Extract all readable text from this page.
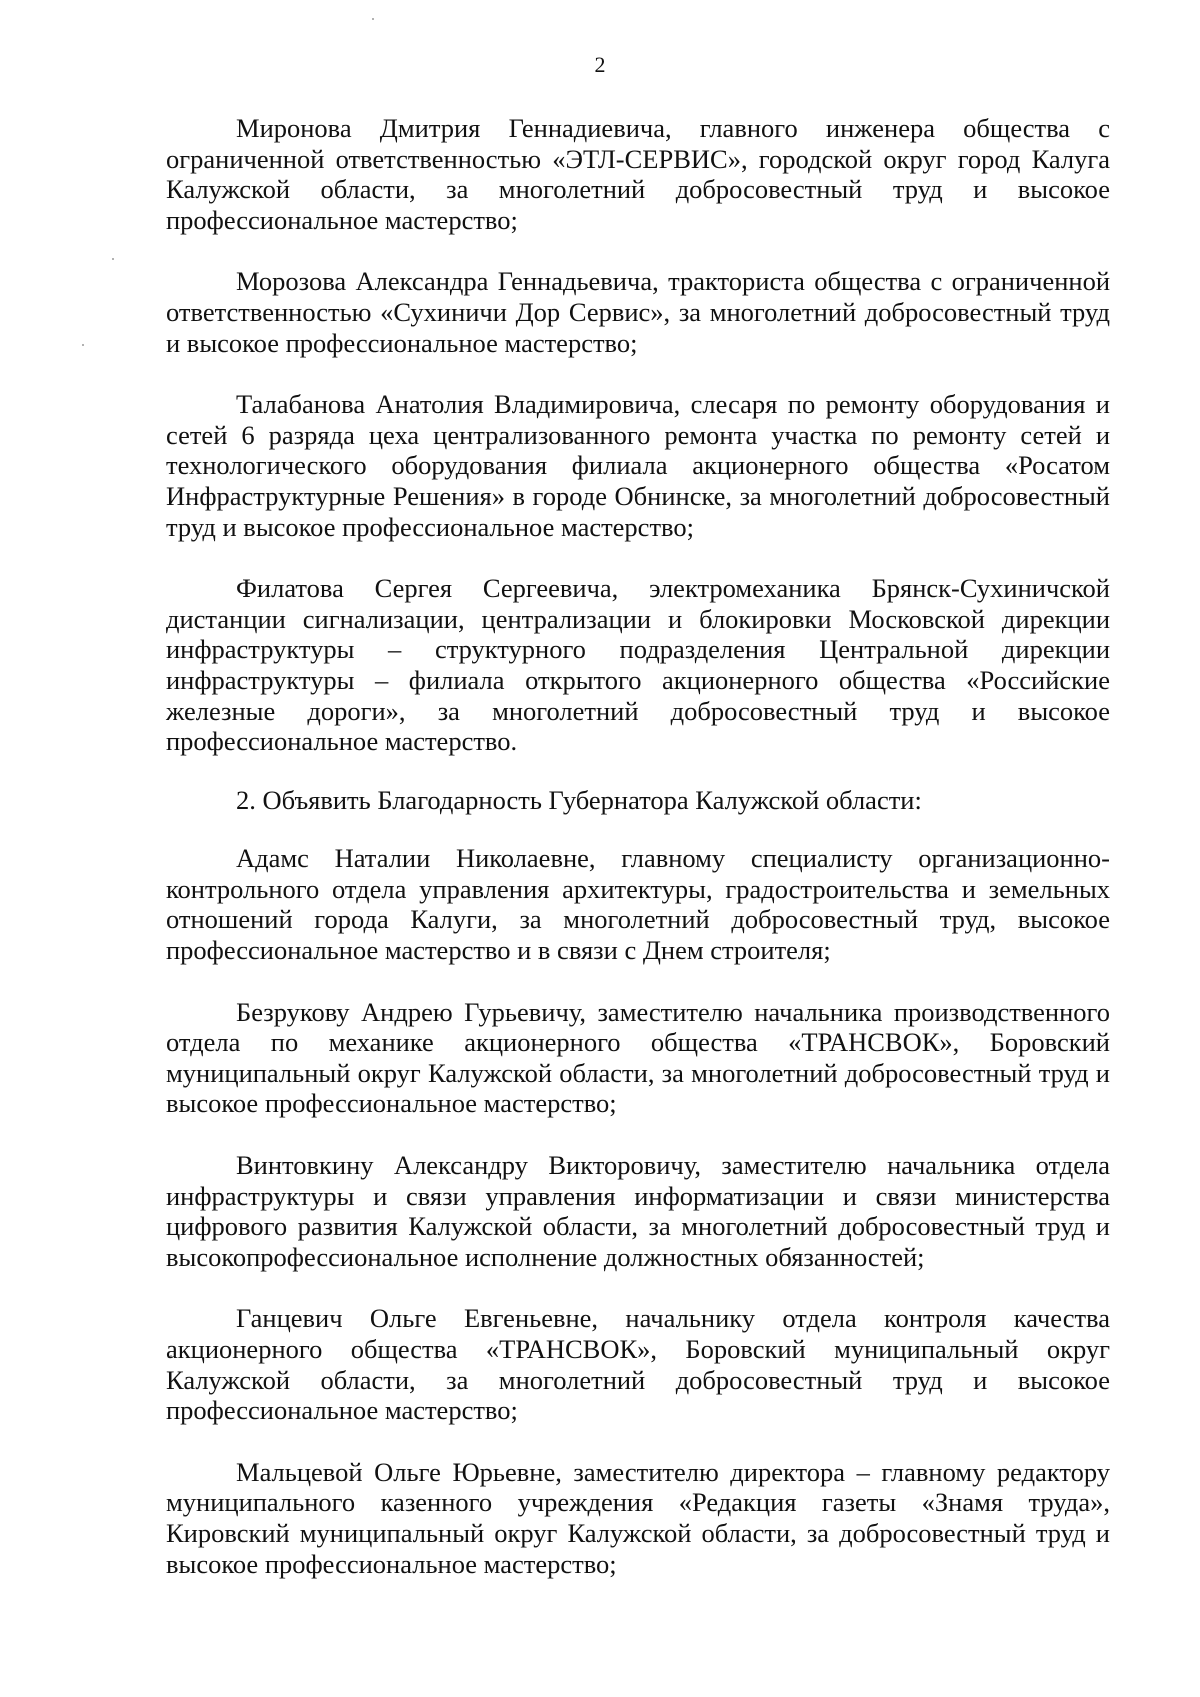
2

Миронова Дмитрия Геннадиевича, главного инженера общества с ограниченной ответственностью «ЭТЛ-СЕРВИС», городской округ город Калуга Калужской области, за многолетний добросовестный труд и высокое профессиональное мастерство;

Морозова Александра Геннадьевича, тракториста общества с ограниченной ответственностью «Сухиничи Дор Сервис», за многолетний добросовестный труд и высокое профессиональное мастерство;

Талабанова Анатолия Владимировича, слесаря по ремонту оборудования и сетей 6 разряда цеха централизованного ремонта участка по ремонту сетей и технологического оборудования филиала акционерного общества «Росатом Инфраструктурные Решения» в городе Обнинске, за многолетний добросовестный труд и высокое профессиональное мастерство;

Филатова Сергея Сергеевича, электромеханика Брянск-Сухиничской дистанции сигнализации, централизации и блокировки Московской дирекции инфраструктуры – структурного подразделения Центральной дирекции инфраструктуры – филиала открытого акционерного общества «Российские железные дороги», за многолетний добросовестный труд и высокое профессиональное мастерство.

2. Объявить Благодарность Губернатора Калужской области:

Адамс Наталии Николаевне, главному специалисту организационно-контрольного отдела управления архитектуры, градостроительства и земельных отношений города Калуги, за многолетний добросовестный труд, высокое профессиональное мастерство и в связи с Днем строителя;

Безрукову Андрею Гурьевичу, заместителю начальника производственного отдела по механике акционерного общества «ТРАНСВОК», Боровский муниципальный округ Калужской области, за многолетний добросовестный труд и высокое профессиональное мастерство;

Винтовкину Александру Викторовичу, заместителю начальника отдела инфраструктуры и связи управления информатизации и связи министерства цифрового развития Калужской области, за многолетний добросовестный труд и высокопрофессиональное исполнение должностных обязанностей;

Ганцевич Ольге Евгеньевне, начальнику отдела контроля качества акционерного общества «ТРАНСВОК», Боровский муниципальный округ Калужской области, за многолетний добросовестный труд и высокое профессиональное мастерство;

Мальцевой Ольге Юрьевне, заместителю директора – главному редактору муниципального казенного учреждения «Редакция газеты «Знамя труда», Кировский муниципальный округ Калужской области, за добросовестный труд и высокое профессиональное мастерство;
